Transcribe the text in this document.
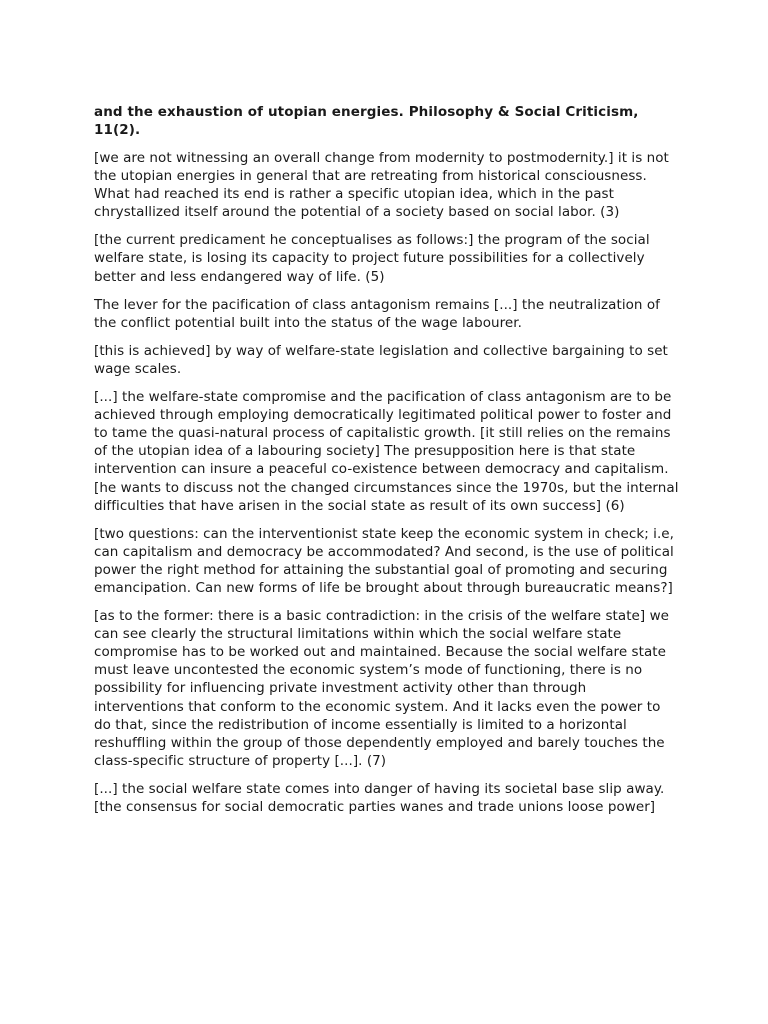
and the exhaustion of utopian energies. Philosophy & Social Criticism, 11(2).

[we are not witnessing an overall change from modernity to postmodernity.] it is not the utopian energies in general that are retreating from historical consciousness. What had reached its end is rather a specific utopian idea, which in the past chrystallized itself around the potential of a society based on social labor. (3)

[the current predicament he conceptualises as follows:] the program of the social welfare state, is losing its capacity to project future possibilities for a collectively better and less endangered way of life. (5)

The lever for the pacification of class antagonism remains [...] the neutralization of the conflict potential built into the status of the wage labourer.

[this is achieved] by way of welfare-state legislation and collective bargaining to set wage scales.

[...] the welfare-state compromise and the pacification of class antagonism are to be achieved through employing democratically legitimated political power to foster and to tame the quasi-natural process of capitalistic growth. [it still relies on the remains of the utopian idea of a labouring society] The presupposition here is that state intervention can insure a peaceful co-existence between democracy and capitalism. [he wants to discuss not the changed circumstances since the 1970s, but the internal difficulties that have arisen in the social state as result of its own success] (6)

[two questions: can the interventionist state keep the economic system in check; i.e, can capitalism and democracy be accommodated? And second, is the use of political power the right method for attaining the substantial goal of promoting and securing emancipation. Can new forms of life be brought about through bureaucratic means?]

[as to the former: there is a basic contradiction: in the crisis of the welfare state] we can see clearly the structural limitations within which the social welfare state compromise has to be worked out and maintained. Because the social welfare state must leave uncontested the economic system’s mode of functioning, there is no possibility for influencing private investment activity other than through interventions that conform to the economic system. And it lacks even the power to do that, since the redistribution of income essentially is limited to a horizontal reshuffling within the group of those dependently employed and barely touches the class-specific structure of property [...]. (7)

[...] the social welfare state comes into danger of having its societal base slip away. [the consensus for social democratic parties wanes and trade unions loose power]
